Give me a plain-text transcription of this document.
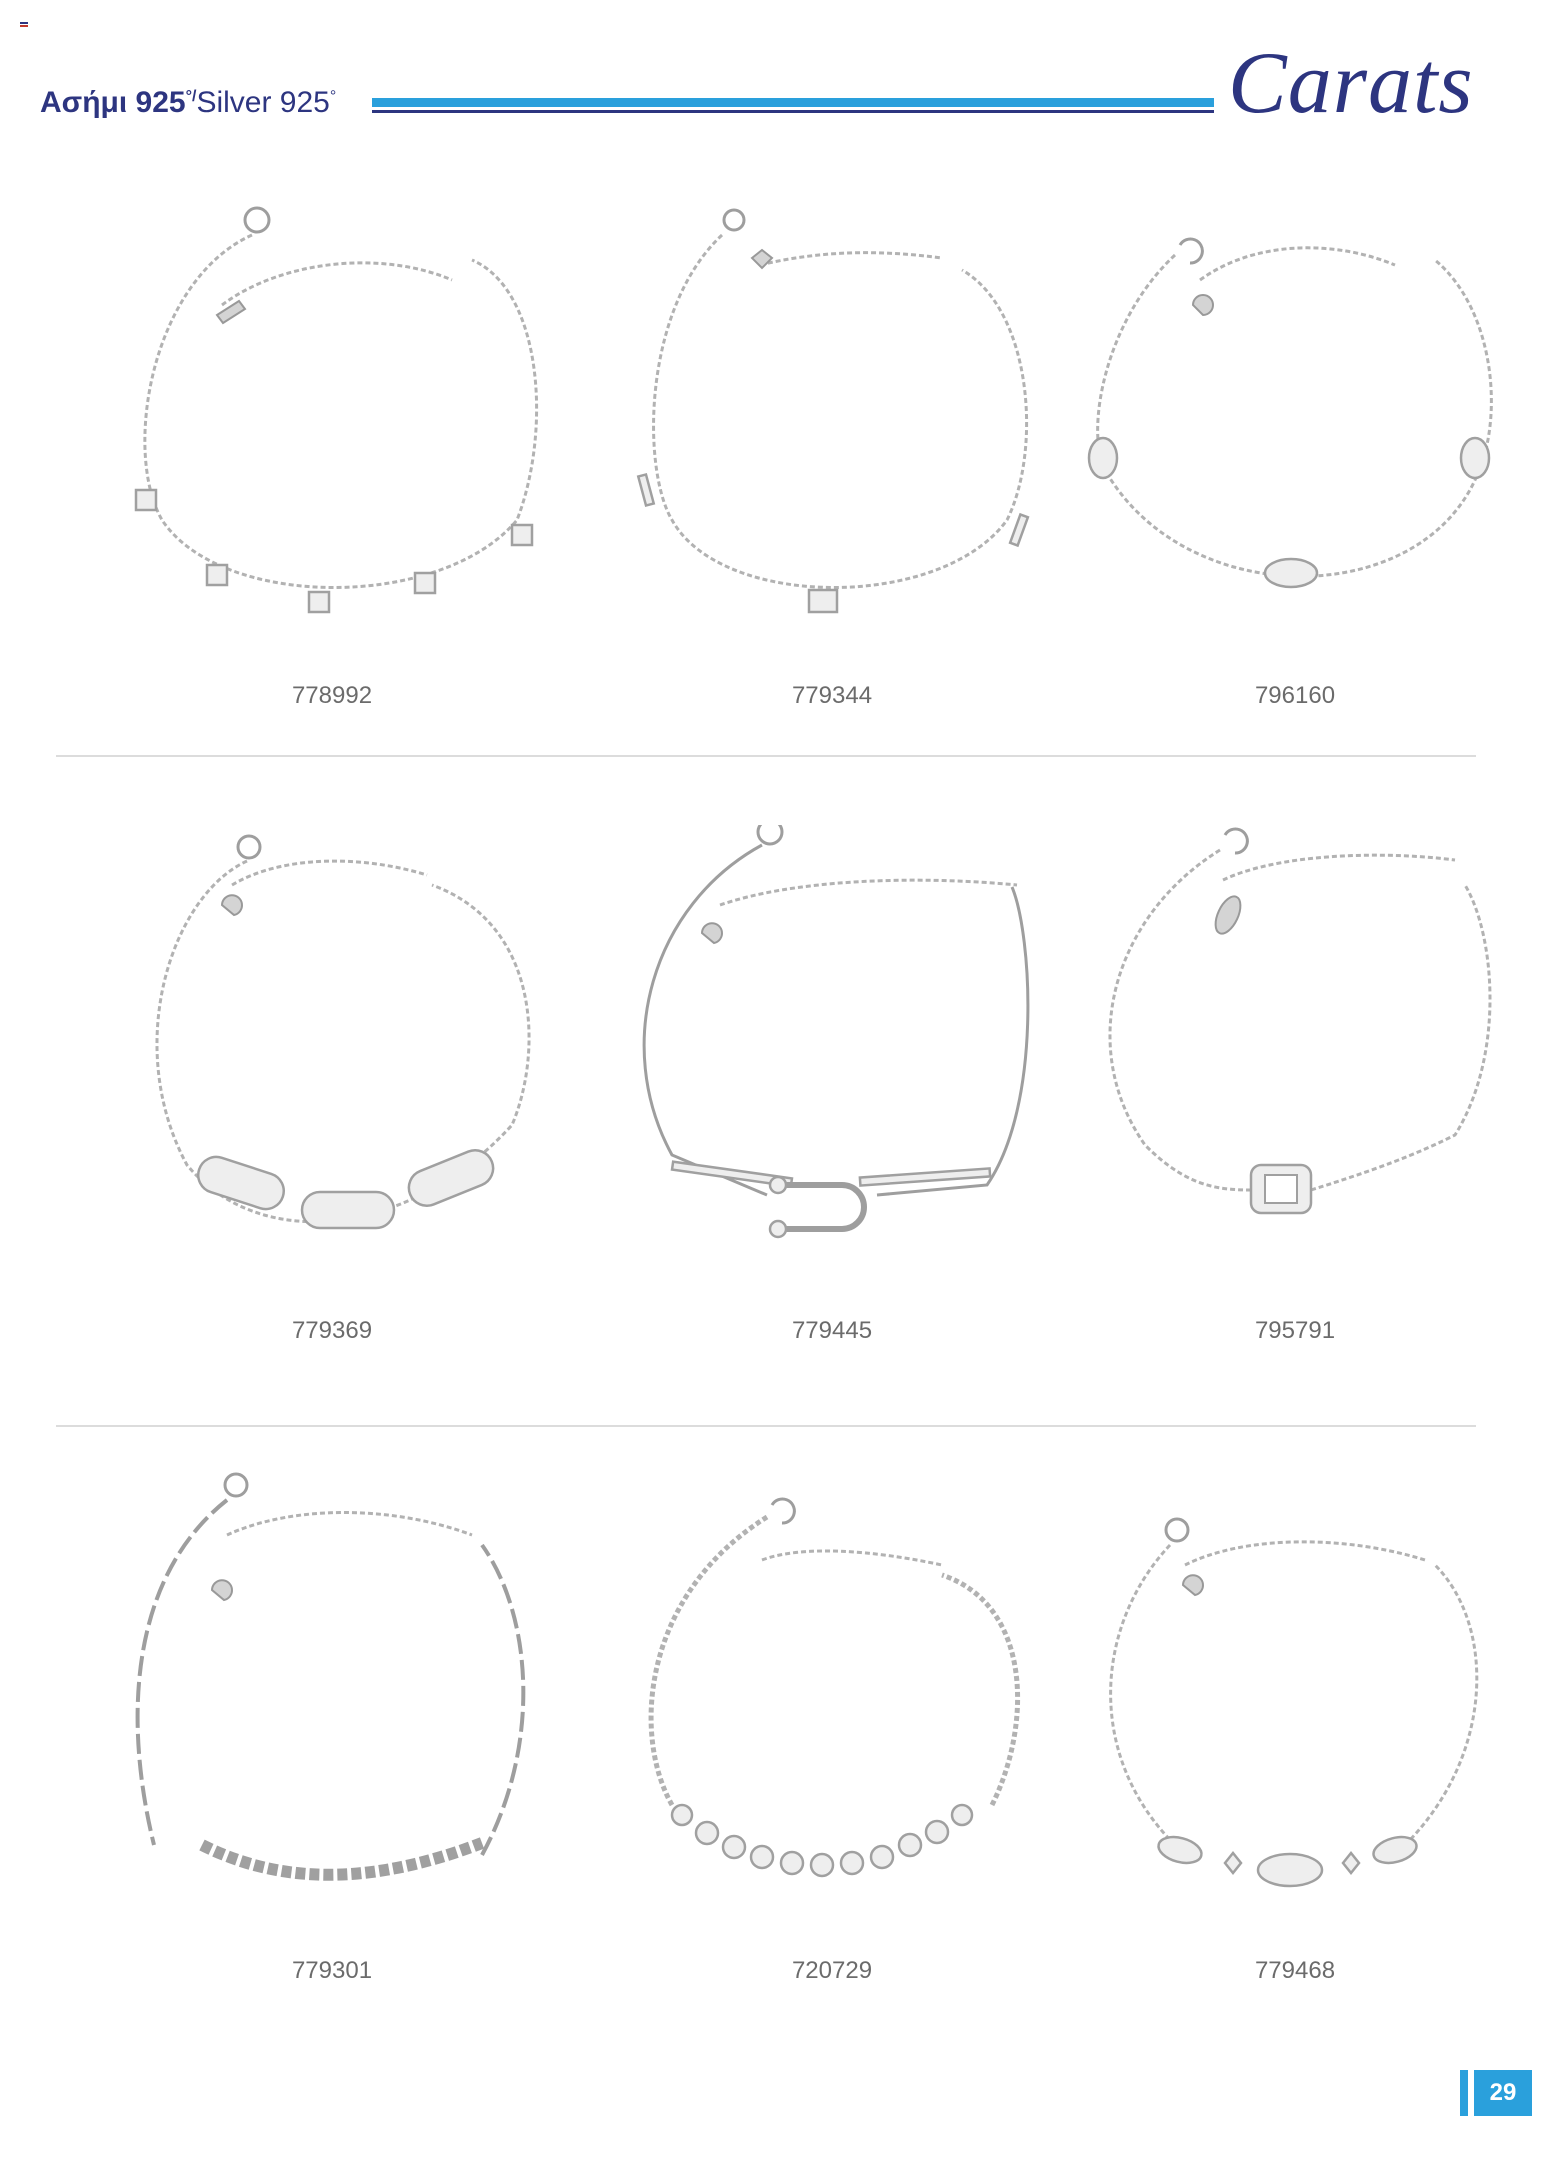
Ασήμι 925°/Silver 925°	Carats
778992	779344	796160
779369	779445	795791
779301	720729	779468
29
